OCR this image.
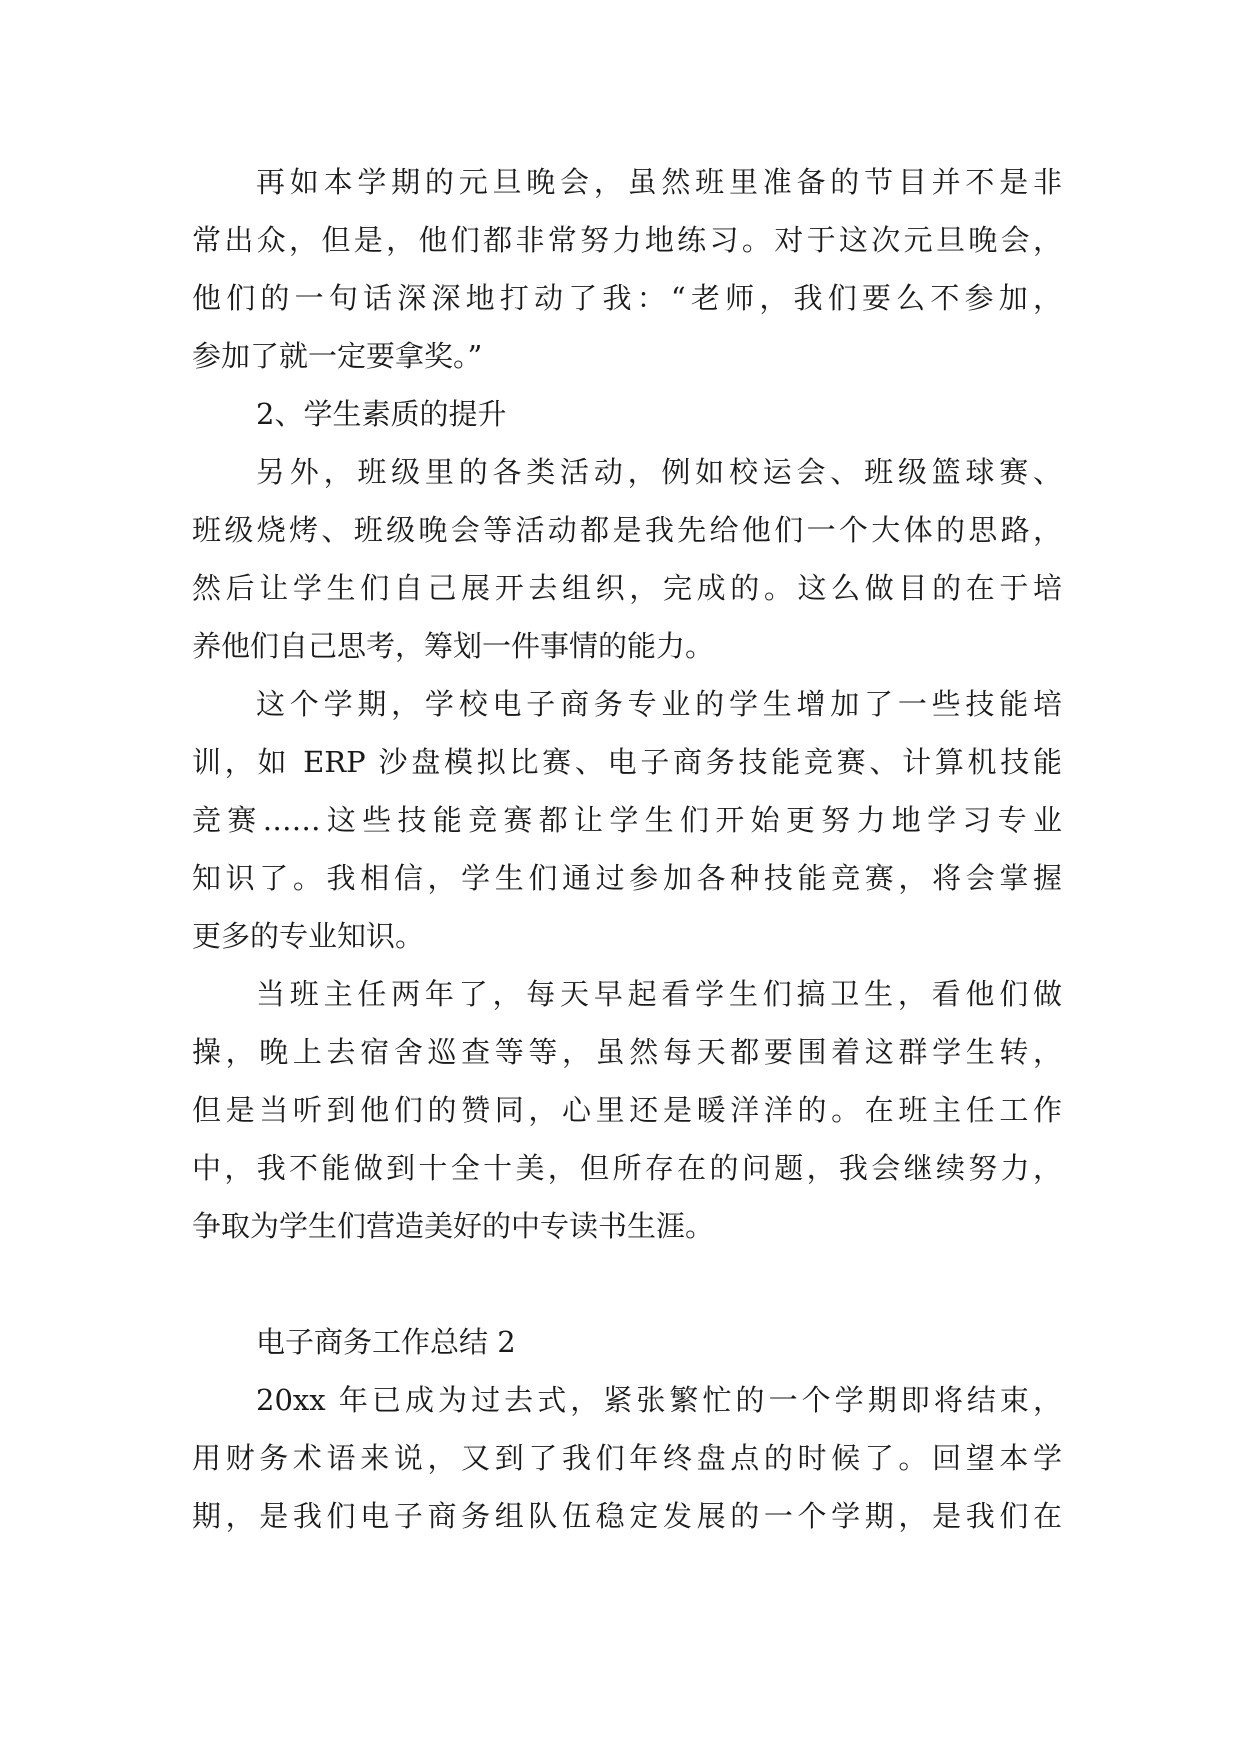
再如本学期的元旦晚会，虽然班里准备的节目并不是非
常出众，但是，他们都非常努力地练习。对于这次元旦晚会，
他们的一句话深深地打动了我：“老师，我们要么不参加，
参加了就一定要拿奖。”
2、学生素质的提升
另外，班级里的各类活动，例如校运会、班级篮球赛、
班级烧烤、班级晚会等活动都是我先给他们一个大体的思路，
然后让学生们自己展开去组织，完成的。这么做目的在于培
养他们自己思考，筹划一件事情的能力。
这个学期，学校电子商务专业的学生增加了一些技能培
训，如 ERP 沙盘模拟比赛、电子商务技能竞赛、计算机技能
竞赛……这些技能竞赛都让学生们开始更努力地学习专业
知识了。我相信，学生们通过参加各种技能竞赛，将会掌握
更多的专业知识。
当班主任两年了，每天早起看学生们搞卫生，看他们做
操，晚上去宿舍巡查等等，虽然每天都要围着这群学生转，
但是当听到他们的赞同，心里还是暖洋洋的。在班主任工作
中，我不能做到十全十美，但所存在的问题，我会继续努力，
争取为学生们营造美好的中专读书生涯。
电子商务工作总结 2
20xx 年已成为过去式，紧张繁忙的一个学期即将结束，
用财务术语来说，又到了我们年终盘点的时候了。回望本学
期，是我们电子商务组队伍稳定发展的一个学期，是我们在
